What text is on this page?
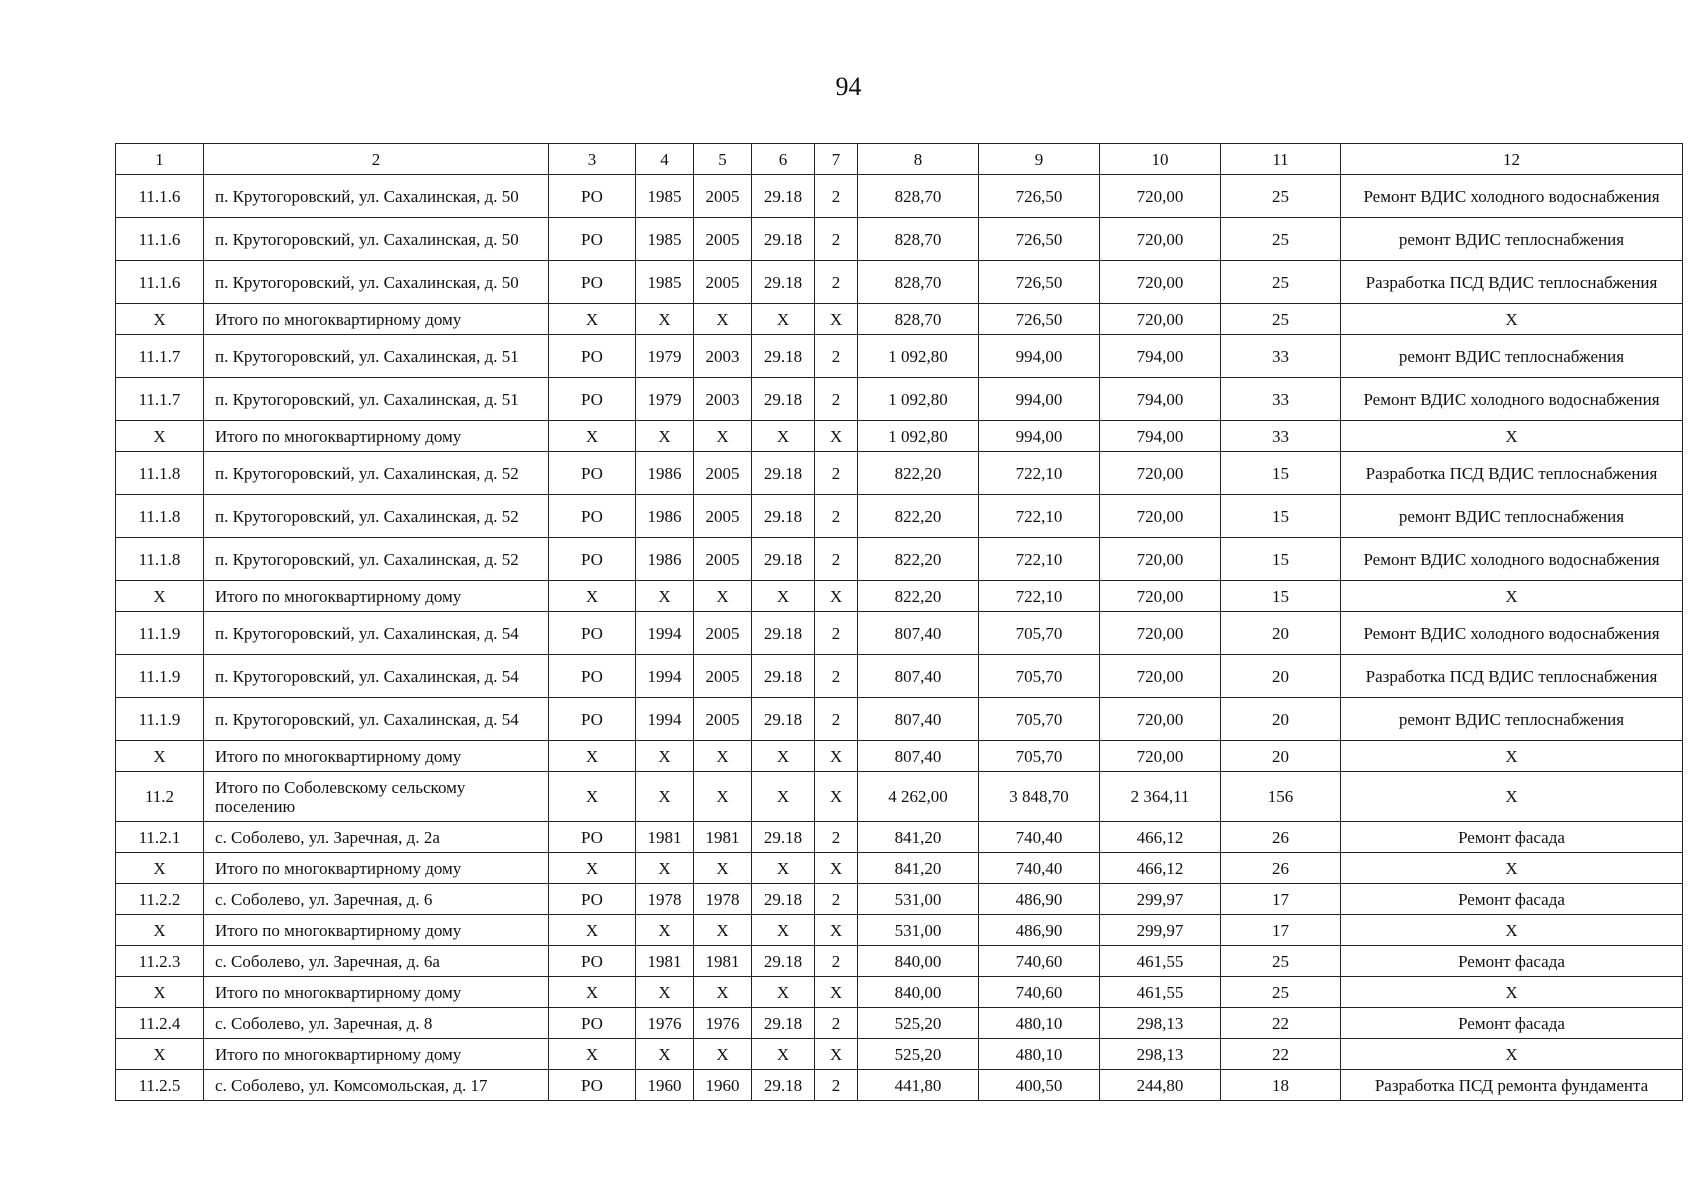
94
1	2	3	4	5	6	7	8	9	10	11	12
11.1.6	п. Крутогоровский, ул. Сахалинская, д. 50	РО	1985	2005	29.18	2	828,70	726,50	720,00	25	Ремонт ВДИС холодного водоснабжения
11.1.6	п. Крутогоровский, ул. Сахалинская, д. 50	РО	1985	2005	29.18	2	828,70	726,50	720,00	25	ремонт ВДИС теплоснабжения
11.1.6	п. Крутогоровский, ул. Сахалинская, д. 50	РО	1985	2005	29.18	2	828,70	726,50	720,00	25	Разработка ПСД ВДИС теплоснабжения
X	Итого по многоквартирному дому	X	X	X	X	X	828,70	726,50	720,00	25	X
11.1.7	п. Крутогоровский, ул. Сахалинская, д. 51	РО	1979	2003	29.18	2	1 092,80	994,00	794,00	33	ремонт ВДИС теплоснабжения
11.1.7	п. Крутогоровский, ул. Сахалинская, д. 51	РО	1979	2003	29.18	2	1 092,80	994,00	794,00	33	Ремонт ВДИС холодного водоснабжения
X	Итого по многоквартирному дому	X	X	X	X	X	1 092,80	994,00	794,00	33	X
11.1.8	п. Крутогоровский, ул. Сахалинская, д. 52	РО	1986	2005	29.18	2	822,20	722,10	720,00	15	Разработка ПСД ВДИС теплоснабжения
11.1.8	п. Крутогоровский, ул. Сахалинская, д. 52	РО	1986	2005	29.18	2	822,20	722,10	720,00	15	ремонт ВДИС теплоснабжения
11.1.8	п. Крутогоровский, ул. Сахалинская, д. 52	РО	1986	2005	29.18	2	822,20	722,10	720,00	15	Ремонт ВДИС холодного водоснабжения
X	Итого по многоквартирному дому	X	X	X	X	X	822,20	722,10	720,00	15	X
11.1.9	п. Крутогоровский, ул. Сахалинская, д. 54	РО	1994	2005	29.18	2	807,40	705,70	720,00	20	Ремонт ВДИС холодного водоснабжения
11.1.9	п. Крутогоровский, ул. Сахалинская, д. 54	РО	1994	2005	29.18	2	807,40	705,70	720,00	20	Разработка ПСД ВДИС теплоснабжения
11.1.9	п. Крутогоровский, ул. Сахалинская, д. 54	РО	1994	2005	29.18	2	807,40	705,70	720,00	20	ремонт ВДИС теплоснабжения
X	Итого по многоквартирному дому	X	X	X	X	X	807,40	705,70	720,00	20	X
11.2	Итого по Соболевскому сельскому поселению	X	X	X	X	X	4 262,00	3 848,70	2 364,11	156	X
11.2.1	с. Соболево, ул. Заречная, д. 2а	РО	1981	1981	29.18	2	841,20	740,40	466,12	26	Ремонт фасада
X	Итого по многоквартирному дому	X	X	X	X	X	841,20	740,40	466,12	26	X
11.2.2	с. Соболево, ул. Заречная, д. 6	РО	1978	1978	29.18	2	531,00	486,90	299,97	17	Ремонт фасада
X	Итого по многоквартирному дому	X	X	X	X	X	531,00	486,90	299,97	17	X
11.2.3	с. Соболево, ул. Заречная, д. 6а	РО	1981	1981	29.18	2	840,00	740,60	461,55	25	Ремонт фасада
X	Итого по многоквартирному дому	X	X	X	X	X	840,00	740,60	461,55	25	X
11.2.4	с. Соболево, ул. Заречная, д. 8	РО	1976	1976	29.18	2	525,20	480,10	298,13	22	Ремонт фасада
X	Итого по многоквартирному дому	X	X	X	X	X	525,20	480,10	298,13	22	X
11.2.5	с. Соболево, ул. Комсомольская, д. 17	РО	1960	1960	29.18	2	441,80	400,50	244,80	18	Разработка ПСД ремонта фундамента
